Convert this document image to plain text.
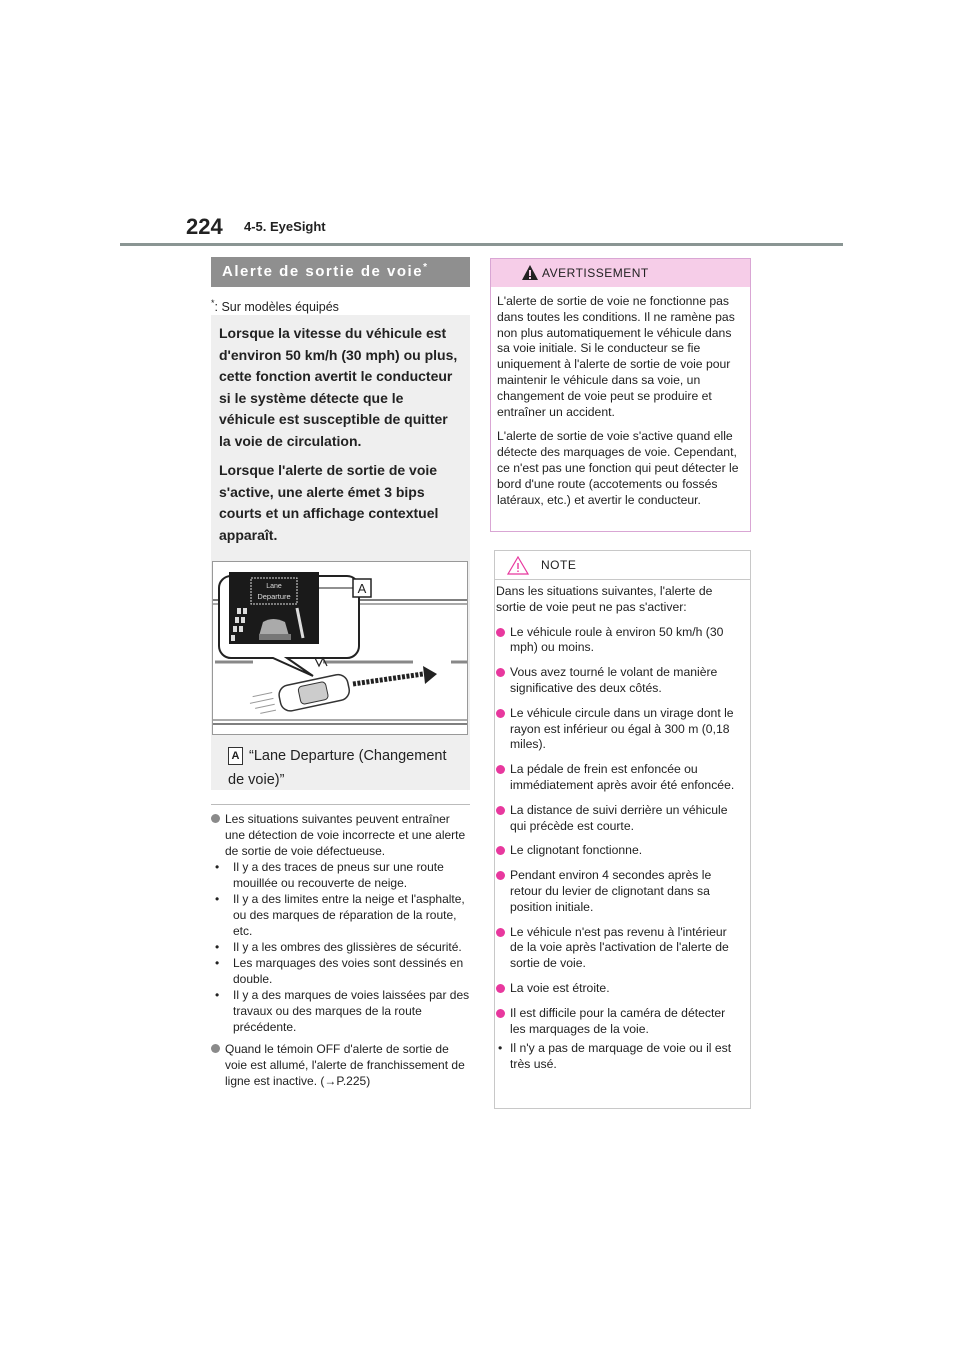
224 4-5. EyeSight
Alerte de sortie de voie*
*: Sur modèles équipés

Lorsque la vitesse du véhicule est d'environ 50 km/h (30 mph) ou plus, cette fonction avertit le conducteur si le système détecte que le véhicule est susceptible de quitter la voie de circulation.

Lorsque l'alerte de sortie de voie s'active, une alerte émet 3 bips courts et un affichage contextuel apparaît.

Lane
Departure
A
A “Lane Departure (Changement de voie)”
Les situations suivantes peuvent entraîner une détection de voie incorrecte et une alerte de sortie de voie défectueuse.
• Il y a des traces de pneus sur une route mouillée ou recouverte de neige.
• Il y a des limites entre la neige et l'asphalte, ou des marques de réparation de la route, etc.
• Il y a les ombres des glissières de sécurité.
• Les marquages des voies sont dessinés en double.
• Il y a des marques de voies laissées par des travaux ou des marques de la route précédente.
Quand le témoin OFF d'alerte de sortie de voie est allumé, l'alerte de franchissement de ligne est inactive. (→P.225)
AVERTISSEMENT

L'alerte de sortie de voie ne fonctionne pas dans toutes les conditions. Il ne ramène pas non plus automatiquement le véhicule dans sa voie initiale. Si le conducteur se fie uniquement à l'alerte de sortie de voie pour maintenir le véhicule dans sa voie, un changement de voie peut se produire et entraîner un accident.

L'alerte de sortie de voie s'active quand elle détecte des marquages de voie. Cependant, ce n'est pas une fonction qui peut détecter le bord d'une route (accotements ou fossés latéraux, etc.) et avertir le conducteur.

NOTE

Dans les situations suivantes, l'alerte de sortie de voie peut ne pas s'activer:

Le véhicule roule à environ 50 km/h (30 mph) ou moins.
Vous avez tourné le volant de manière significative des deux côtés.
Le véhicule circule dans un virage dont le rayon est inférieur ou égal à 300 m (0,18 miles).
La pédale de frein est enfoncée ou immédiatement après avoir été enfoncée.
La distance de suivi derrière un véhicule qui précède est courte.
Le clignotant fonctionne.
Pendant environ 4 secondes après le retour du levier de clignotant dans sa position initiale.
Le véhicule n'est pas revenu à l'intérieur de la voie après l'activation de l'alerte de sortie de voie.
La voie est étroite.
Il est difficile pour la caméra de détecter les marquages de la voie.
• Il n'y a pas de marquage de voie ou il est très usé.
